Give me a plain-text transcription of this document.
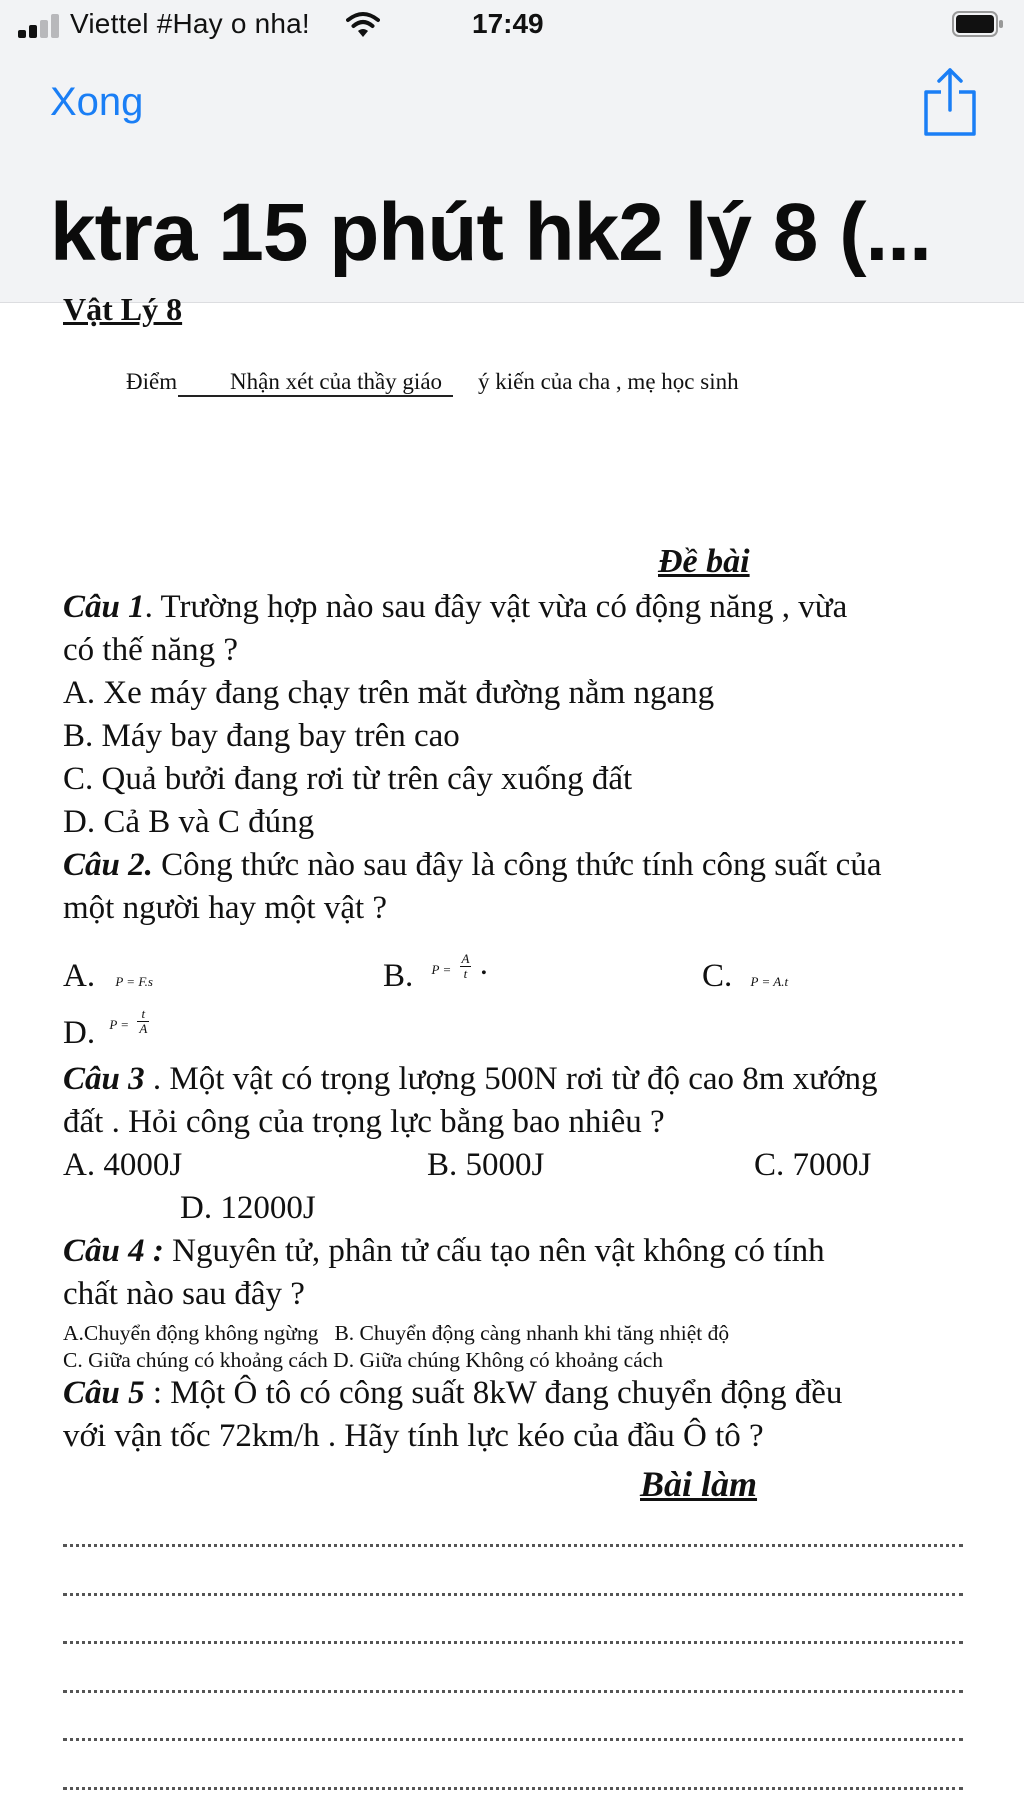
Viettel #Hay o nha!	17:49
Xong
ktra 15 phút hk2 lý 8 (...
Vật Lý 8
Điểm Nhận xét của thầy giáo ý kiến của cha , mẹ học sinh
Đề bài
Câu 1. Trường hợp nào sau đây vật vừa có động năng , vừa
có thế năng ?
A. Xe máy đang chạy trên măt đường nằm ngang
B. Máy bay đang bay trên cao
C. Quả bưởi đang rơi từ trên cây xuống đất
D. Cả B và C đúng
Câu 2. Công thức nào sau đây là công thức tính công suất của
một người hay một vật ?
A. P = F.s	B. $P = \frac{A}{t}$ .	C. P = A.t
D. $P = \frac{t}{A}$
Câu 3 . Một vật có trọng lượng 500N rơi từ độ cao 8m xướng
đất . Hỏi công của trọng lực bằng bao nhiêu ?
A. 4000J	B. 5000J	C. 7000J
D. 12000J
Câu 4 : Nguyên tử, phân tử cấu tạo nên vật không có tính
chất nào sau đây ?
A.Chuyển động không ngừng   B. Chuyển động càng nhanh khi tăng nhiệt độ
C. Giữa chúng có khoảng cách D. Giữa chúng Không có khoảng cách
Câu 5 : Một Ô tô có công suất 8kW đang chuyển động đều
với vận tốc 72km/h . Hãy tính lực kéo của đầu Ô tô ?
Bài làm
